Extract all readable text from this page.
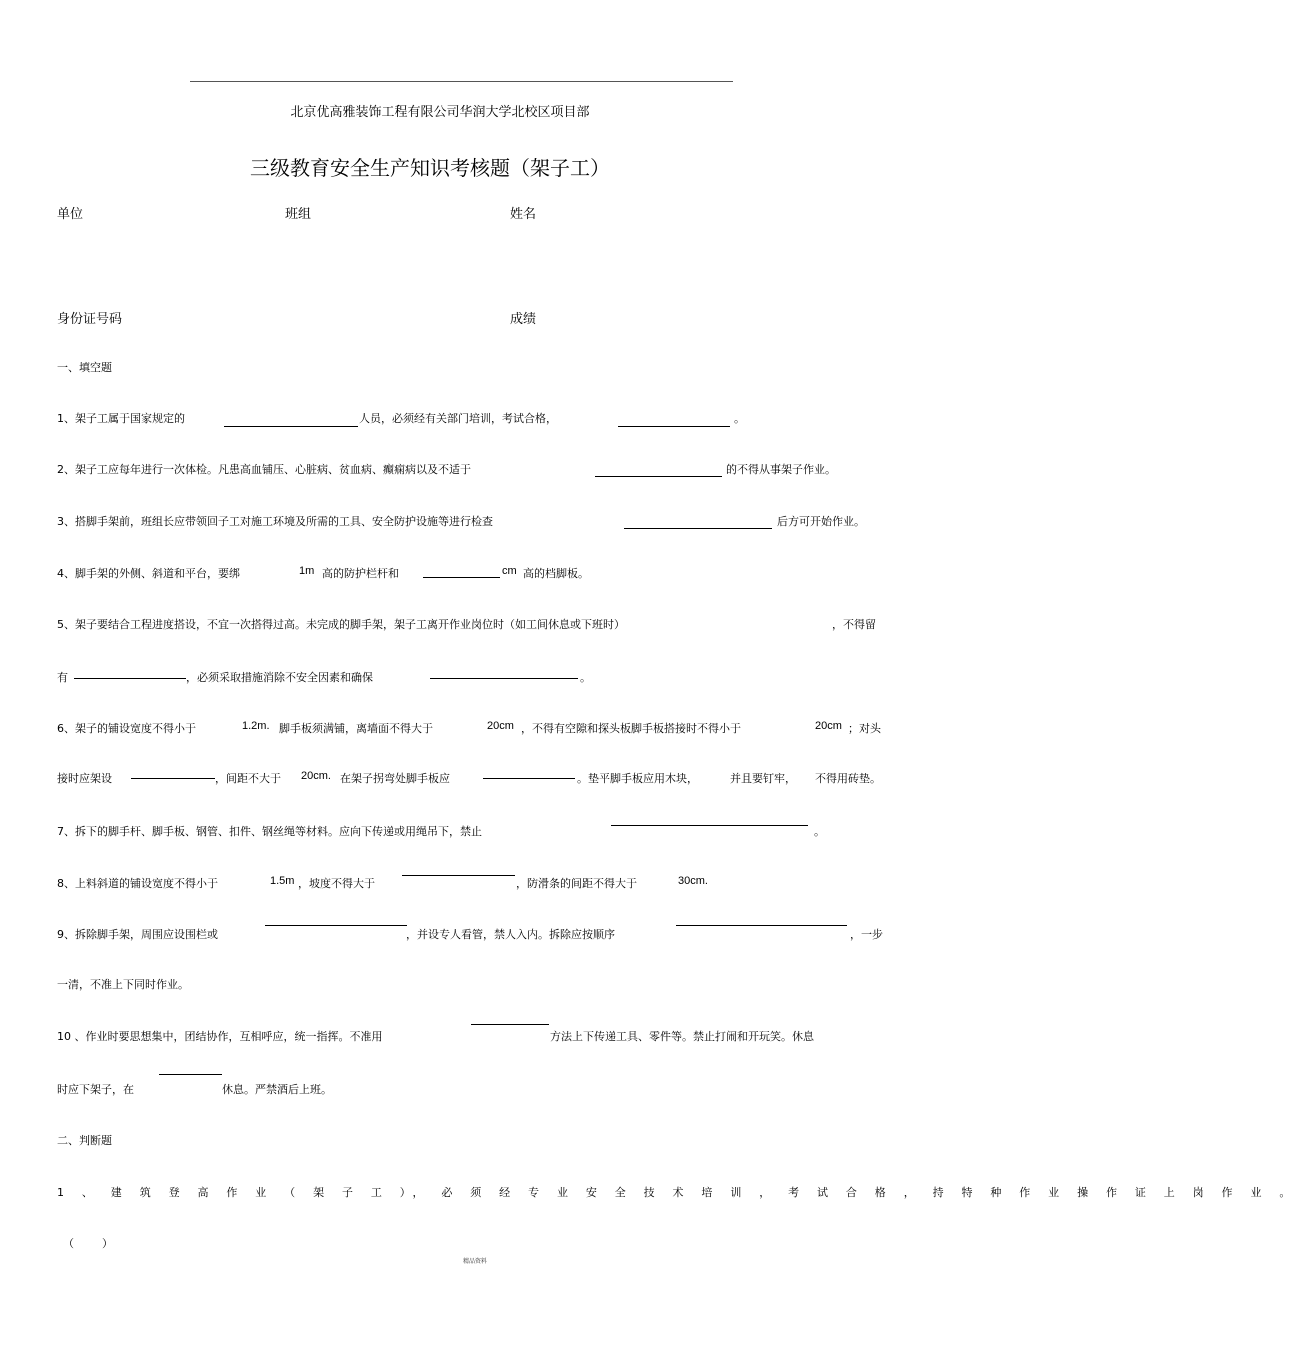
北京优高雅装饰工程有限公司华润大学北校区项目部
三级教育安全生产知识考核题（架子工）
单位	班组	姓名
身份证号码	成绩
一、填空题
1、架子工属于国家规定的	人员，必须经有关部门培训，考试合格，	。
2、架子工应每年进行一次体检。凡患高血铺压、心脏病、贫血病、癫痫病以及不适于	的不得从事架子作业。
3、搭脚手架前，班组长应带领回子工对施工环境及所需的工具、安全防护设施等进行检查	后方可开始作业。
4、脚手架的外侧、斜道和平台，要绑	1m 高的防护栏杆和	cm 高的档脚板。
5、架子要结合工程进度搭设，不宜一次搭得过高。未完成的脚手架，架子工离开作业岗位时（如工间休息或下班时）	，不得留
有	，必须采取措施消除不安全因素和确保	。
6、架子的铺设宽度不得小于	1.2m. 脚手板须满铺，离墙面不得大于	20cm ，不得有空隙和探头板脚手板搭接时不得小于	20cm ；对头
接时应架设	，间距不大于 20cm. 在架子拐弯处脚手板应	。垫平脚手板应用木块，	并且要钉牢， 不得用砖垫。
7、拆下的脚手杆、脚手板、钢管、扣件、钢丝绳等材料。应向下传递或用绳吊下，禁止	。
8、上料斜道的铺设宽度不得小于	1.5m ，坡度不得大于	，防滑条的间距不得大于	30cm.
9、拆除脚手架，周围应设围栏或	，并设专人看管，禁人入内。拆除应按顺序	，一步
一清，不准上下同时作业。
10 、作业时要思想集中，团结协作，互相呼应，统一指挥。不准用	方法上下传递工具、零件等。禁止打闹和开玩笑。休息
时应下架子，在	休息。严禁酒后上班。
二、判断题
1 、 建 筑 登 高 作 业 （ 架 子 工 ）， 必 须 经 专 业 安 全 技 术 培 训 ， 考 试 合 格 ， 持 特 种 作 业 操 作 证 上 岗 作 业 。
（        ）
精品资料
